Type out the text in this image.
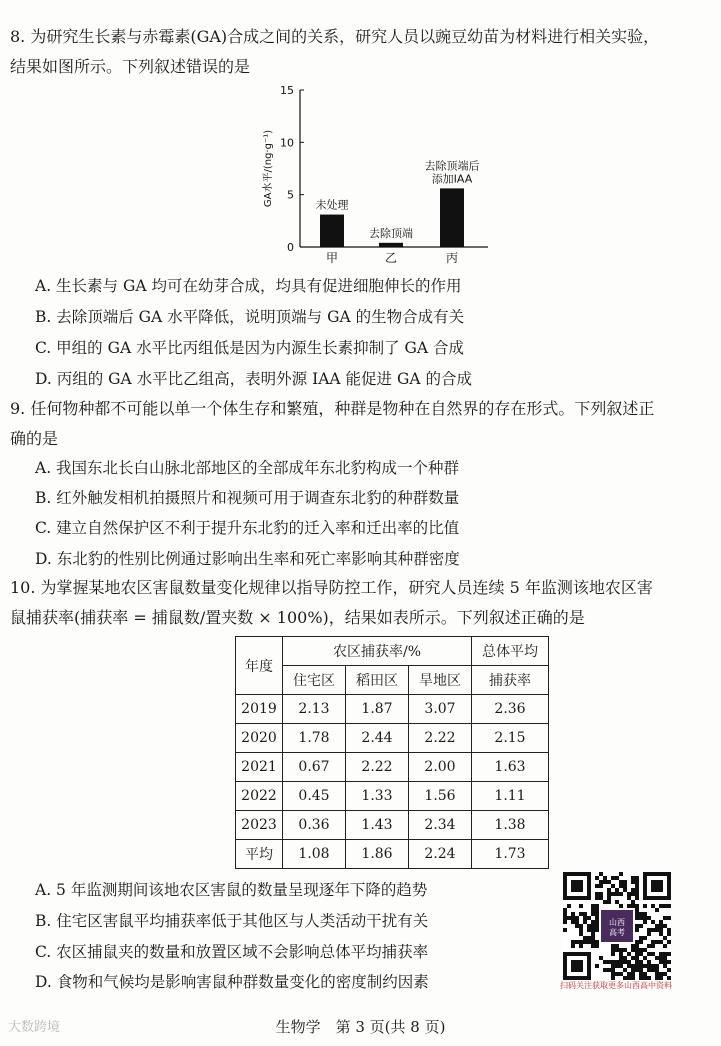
8. 为研究生长素与赤霉素(GA)合成之间的关系，研究人员以豌豆幼苗为材料进行相关实验，
结果如图所示。下列叙述错误的是
0
5
10
15
GA水平/(ng·g⁻¹)
甲
未处理
乙
去除顶端
丙
去除顶端后
添加IAA
A. 生长素与 GA 均可在幼芽合成，均具有促进细胞伸长的作用
B. 去除顶端后 GA 水平降低，说明顶端与 GA 的生物合成有关
C. 甲组的 GA 水平比丙组低是因为内源生长素抑制了 GA 合成
D. 丙组的 GA 水平比乙组高，表明外源 IAA 能促进 GA 的合成
9. 任何物种都不可能以单一个体生存和繁殖，种群是物种在自然界的存在形式。下列叙述正
确的是
A. 我国东北长白山脉北部地区的全部成年东北豹构成一个种群
B. 红外触发相机拍摄照片和视频可用于调查东北豹的种群数量
C. 建立自然保护区不利于提升东北豹的迁入率和迁出率的比值
D. 东北豹的性别比例通过影响出生率和死亡率影响其种群密度
10. 为掌握某地农区害鼠数量变化规律以指导防控工作，研究人员连续 5 年监测该地农区害
鼠捕获率(捕获率 = 捕鼠数/置夹数 × 100%)，结果如表所示。下列叙述正确的是
年度	农区捕获率/%			总体平均
	住宅区	稻田区	旱地区	捕获率
2019	2.13	1.87	3.07	2.36
2020	1.78	2.44	2.22	2.15
2021	0.67	2.22	2.00	1.63
2022	0.45	1.33	1.56	1.11
2023	0.36	1.43	2.34	1.38
平均	1.08	1.86	2.24	1.73
A. 5 年监测期间该地农区害鼠的数量呈现逐年下降的趋势
B. 住宅区害鼠平均捕获率低于其他区与人类活动干扰有关
C. 农区捕鼠夹的数量和放置区域不会影响总体平均捕获率
D. 食物和气候均是影响害鼠种群数量变化的密度制约因素
山西
高考
扫码关注获取更多山西高中资料
大数跨境	生物学　第 3 页(共 8 页)
